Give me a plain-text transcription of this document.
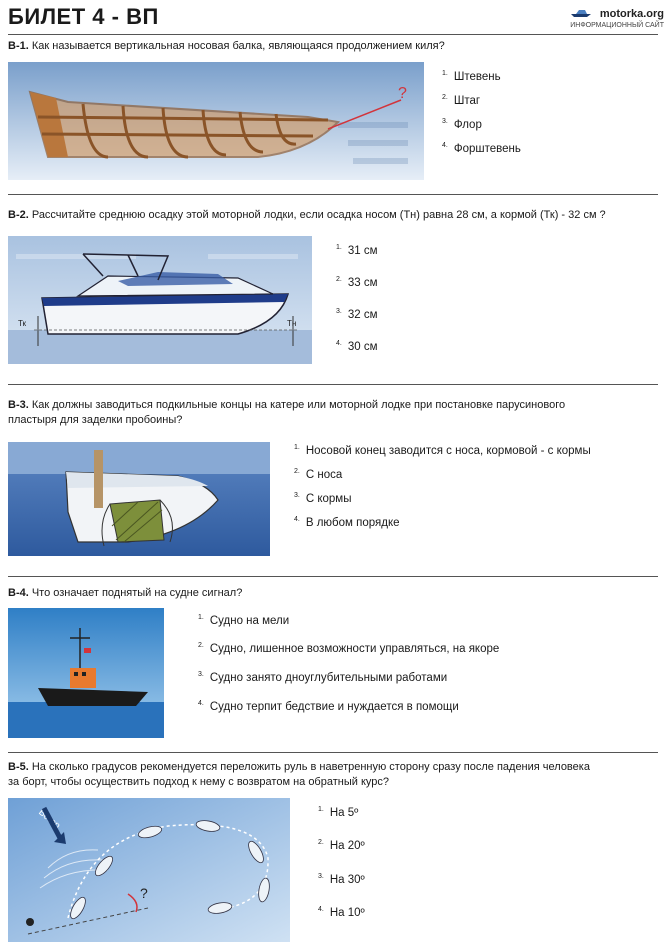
БИЛЕТ 4 - ВП	motorka.org
ИНФОРМАЦИОННЫЙ САЙТ
В-1. Как называется вертикальная носовая балка, являющаяся продолжением киля?
?
$^{1.}$ Штевень
$^{2.}$ Штаг
$^{3.}$ Флор
$^{4.}$ Форштевень
В-2. Рассчитайте среднюю осадку этой моторной лодки, если осадка носом (Тн) равна 28 см, а кормой (Тк) - 32 см ?
Тк	Тн
$^{1.}$ 31 см
$^{2.}$ 33 см
$^{3.}$ 32 см
$^{4.}$ 30 см
В-3. Как должны заводиться подкильные концы на катере или моторной лодке при постановке парусинового пластыря для заделки пробоины?
$^{1.}$ Носовой конец заводится с носа, кормовой - с кормы
$^{2.}$ С носа
$^{3.}$ С кормы
$^{4.}$ В любом порядке
В-4. Что означает поднятый на судне сигнал?
$^{1.}$ Судно на мели
$^{2.}$ Судно, лишенное возможности управляться, на якоре
$^{3.}$ Судно занято дноуглубительными работами
$^{4.}$ Судно терпит бедствие и нуждается в помощи
В-5. На сколько градусов рекомендуется переложить руль в наветренную сторону сразу после падения человека за борт, чтобы осуществить подход к нему с возвратом на обратный курс?
?
$^{1.}$ На 5º
$^{2.}$ На 20º
$^{3.}$ На 30º
$^{4.}$ На 10º
